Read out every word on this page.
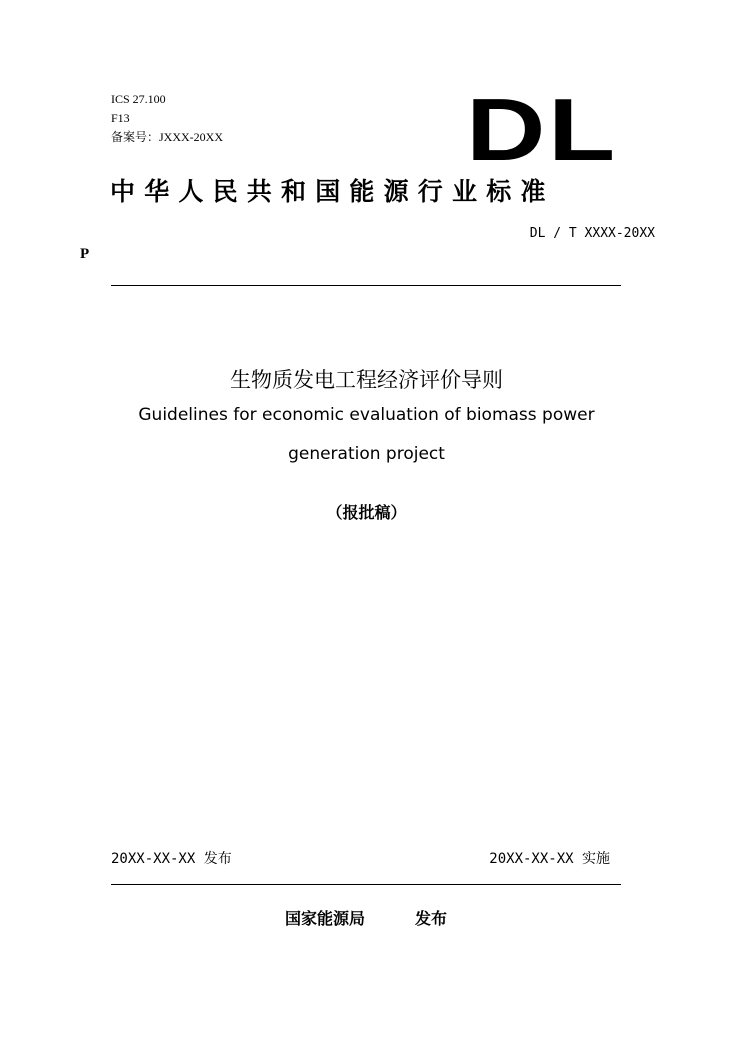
ICS 27.100
F13
备案号：JXXX-20XX	DL
中华人民共和国能源行业标准
DL / T XXXX-20XX
P
生物质发电工程经济评价导则
Guidelines for economic evaluation of biomass power
generation project
（报批稿）
20XX-XX-XX 发布	20XX-XX-XX 实施
国家能源局	发布
